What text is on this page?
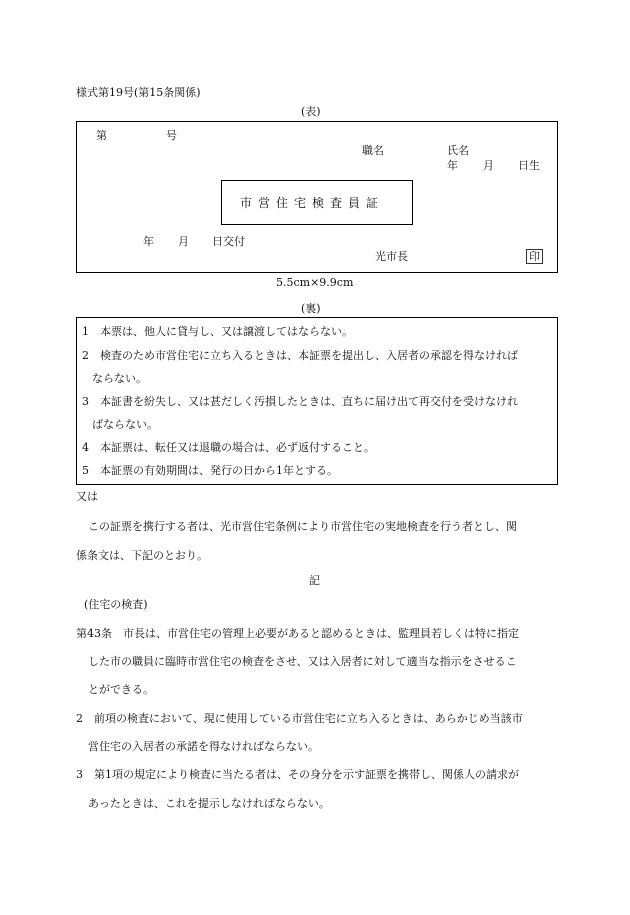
様式第19号(第15条関係)
(表)
第	号
職名	氏名
年 月 日生
市営住宅検査員証
年 月 日交付
光市長	印
5.5cm×9.9cm
(裏)
1　本票は、他人に貸与し、又は譲渡してはならない。
2　検査のため市営住宅に立ち入るときは、本証票を提出し、入居者の承認を得なければ
ならない。
3　本証書を紛失し、又は甚だしく汚損したときは、直ちに届け出て再交付を受けなけれ
ばならない。
4　本証票は、転任又は退職の場合は、必ず返付すること。
5　本証票の有効期間は、発行の日から1年とする。
又は
この証票を携行する者は、光市営住宅条例により市営住宅の実地検査を行う者とし、関
係条文は、下記のとおり。
記
(住宅の検査)
第43条　市長は、市営住宅の管理上必要があると認めるときは、監理員若しくは特に指定
した市の職員に臨時市営住宅の検査をさせ、又は入居者に対して適当な指示をさせるこ
とができる。
2　前項の検査において、現に使用している市営住宅に立ち入るときは、あらかじめ当該市
営住宅の入居者の承諾を得なければならない。
3　第1項の規定により検査に当たる者は、その身分を示す証票を携帯し、関係人の請求が
あったときは、これを提示しなければならない。
